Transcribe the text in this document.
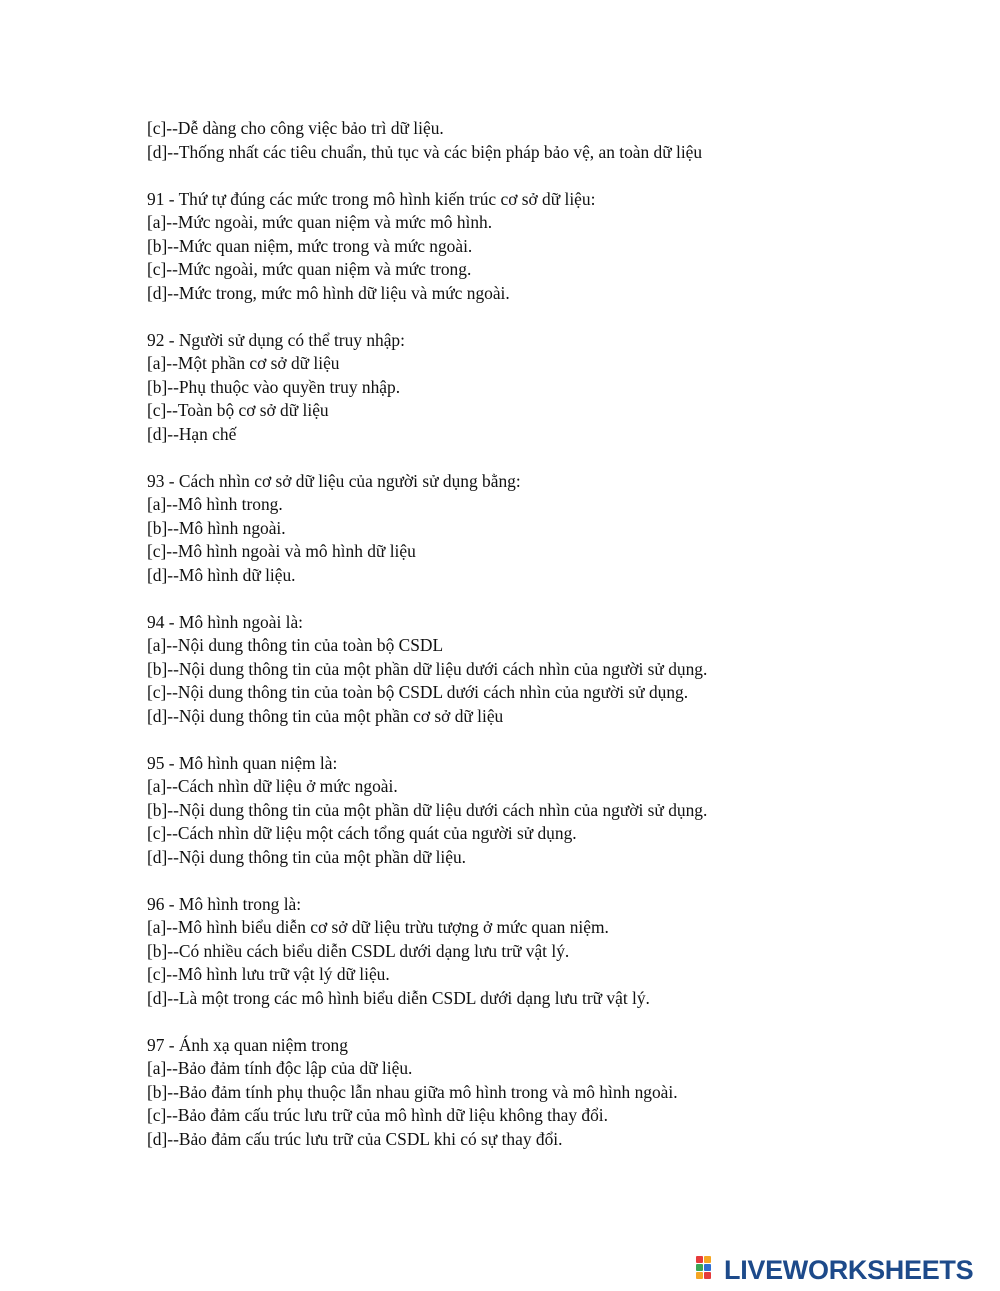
[c]--Dễ dàng cho công việc bảo trì dữ liệu.
[d]--Thống nhất các tiêu chuẩn, thủ tục và các biện pháp bảo vệ, an toàn dữ liệu
91 - Thứ tự đúng các mức trong mô hình kiến trúc cơ sở dữ liệu:
[a]--Mức ngoài, mức quan niệm và mức mô hình.
[b]--Mức quan niệm, mức trong và mức ngoài.
[c]--Mức ngoài, mức quan niệm và mức trong.
[d]--Mức trong, mức mô hình dữ liệu và mức ngoài.
92 - Người sử dụng có thể truy nhập:
[a]--Một phần cơ sở dữ liệu
[b]--Phụ thuộc vào quyền truy nhập.
[c]--Toàn bộ cơ sở dữ liệu
[d]--Hạn chế
93 - Cách nhìn cơ sở dữ liệu của người sử dụng bằng:
[a]--Mô hình trong.
[b]--Mô hình ngoài.
[c]--Mô hình ngoài và mô hình dữ liệu
[d]--Mô hình dữ liệu.
94 - Mô hình ngoài là:
[a]--Nội dung thông tin của toàn bộ CSDL
[b]--Nội dung thông tin của một phần dữ liệu dưới cách nhìn của người sử dụng.
[c]--Nội dung thông tin của toàn bộ CSDL dưới cách nhìn của người sử dụng.
[d]--Nội dung thông tin của một phần cơ sở dữ liệu
95 - Mô hình quan niệm là:
[a]--Cách nhìn dữ liệu ở mức ngoài.
[b]--Nội dung thông tin của một phần dữ liệu dưới cách nhìn của người sử dụng.
[c]--Cách nhìn dữ liệu một cách tổng quát của người sử dụng.
[d]--Nội dung thông tin của một phần dữ liệu.
96 - Mô hình trong là:
[a]--Mô hình biểu diễn cơ sở dữ liệu trừu tượng ở mức quan niệm.
[b]--Có nhiều cách biểu diễn CSDL dưới dạng lưu trữ vật lý.
[c]--Mô hình lưu trữ vật lý dữ liệu.
[d]--Là một trong các mô hình biểu diễn CSDL dưới dạng lưu trữ vật lý.
97 - Ánh xạ quan niệm trong
[a]--Bảo đảm tính độc lập của dữ liệu.
[b]--Bảo đảm tính phụ thuộc lẫn nhau giữa mô hình trong và mô hình ngoài.
[c]--Bảo đảm cấu trúc lưu trữ của mô hình dữ liệu không thay đổi.
[d]--Bảo đảm cấu trúc lưu trữ của CSDL khi có sự thay đổi.
LIVEWORKSHEETS
